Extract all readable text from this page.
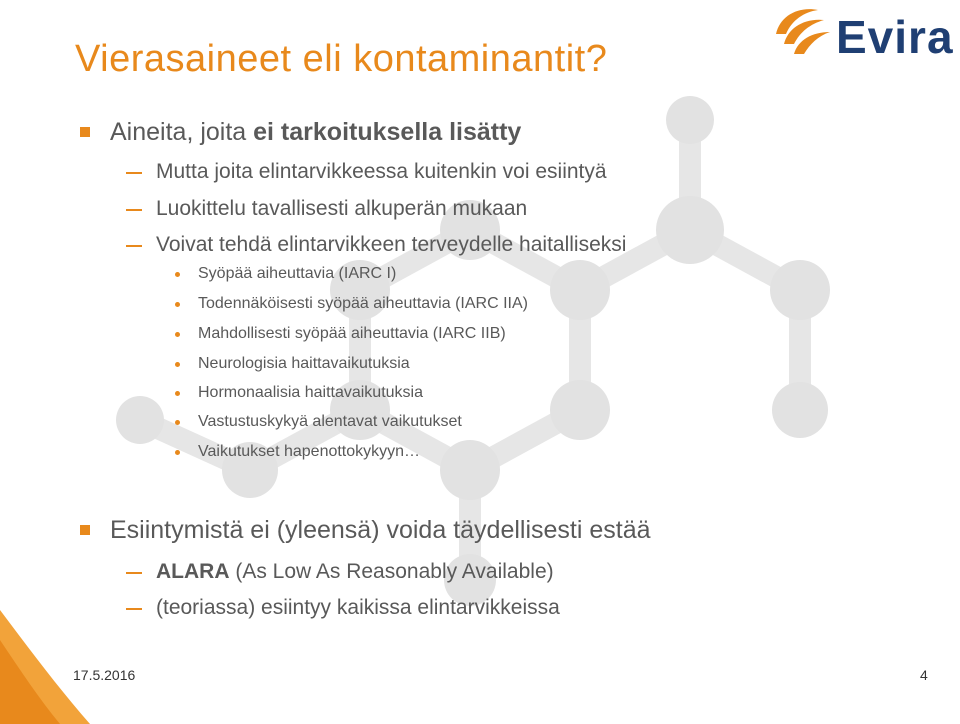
Vierasaineet eli kontaminantit?	Evira
Aineita, joita ei tarkoituksella lisätty
Mutta joita elintarvikkeessa kuitenkin voi esiintyä
Luokittelu tavallisesti alkuperän mukaan
Voivat tehdä elintarvikkeen terveydelle haitalliseksi
Syöpää aiheuttavia (IARC I)
Todennäköisesti syöpää aiheuttavia (IARC IIA)
Mahdollisesti syöpää aiheuttavia (IARC IIB)
Neurologisia haittavaikutuksia
Hormonaalisia haittavaikutuksia
Vastustuskykyä alentavat vaikutukset
Vaikutukset hapenottokykyyn…
Esiintymistä ei (yleensä) voida täydellisesti estää
ALARA (As Low As Reasonably Available)
(teoriassa) esiintyy kaikissa elintarvikkeissa
17.5.2016	4
